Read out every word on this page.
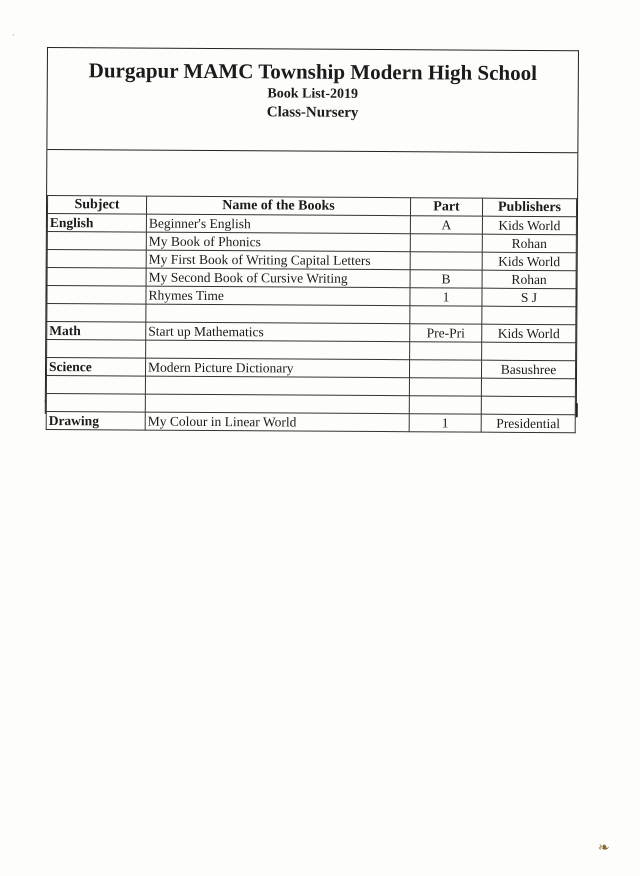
Durgapur MAMC Township Modern High School
Book List-2019
Class-Nursery
Subject	Name of the Books	Part	Publishers
English	Beginner's English	A	Kids World
	My Book of Phonics		Rohan
	My First Book of Writing Capital Letters		Kids World
	My Second Book of Cursive Writing	B	Rohan
	Rhymes Time	1	S J

Math	Start up Mathematics	Pre-Pri	Kids World

Science	Modern Picture Dictionary		Basushree

Drawing	My Colour in Linear World	1	Presidential
·
❧
